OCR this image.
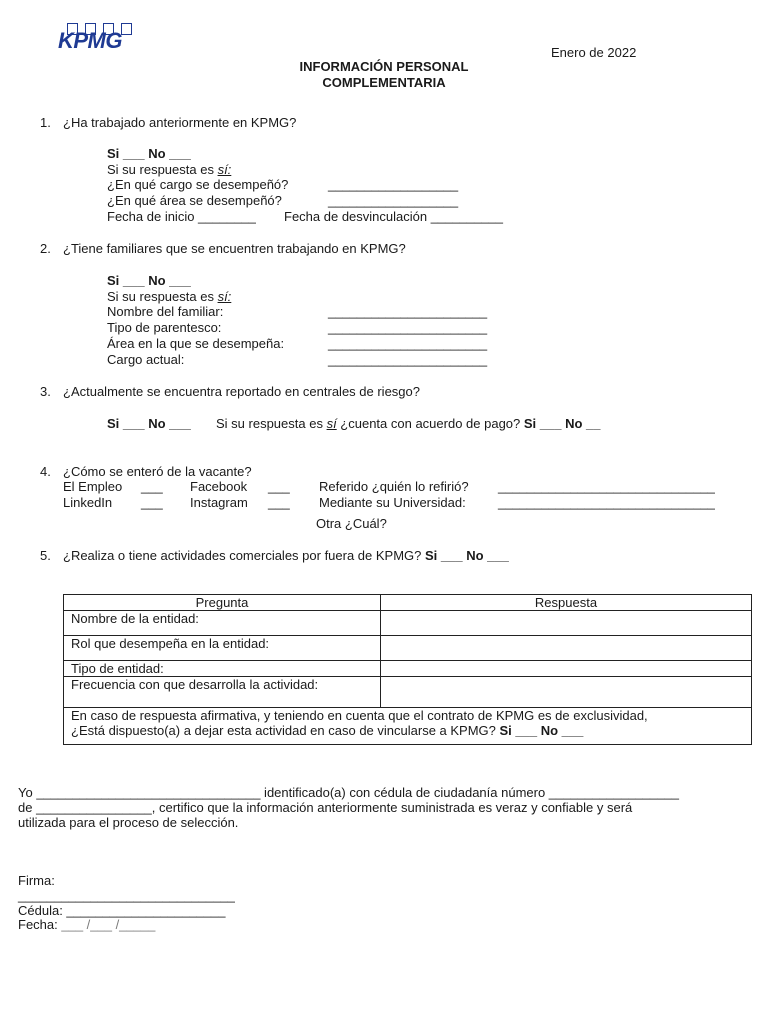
KPMG	Enero de 2022
INFORMACIÓN PERSONAL
COMPLEMENTARIA
1. ¿Ha trabajado anteriormente en KPMG?
Si ___ No ___
Si su respuesta es sí:
¿En qué cargo se desempeñó?	__________________
¿En qué área se desempeñó?	__________________
Fecha de inicio ________ Fecha de desvinculación __________
2. ¿Tiene familiares que se encuentren trabajando en KPMG?
Si ___ No ___
Si su respuesta es sí:
Nombre del familiar:	______________________
Tipo de parentesco:	______________________
Área en la que se desempeña:	______________________
Cargo actual:	______________________
3. ¿Actualmente se encuentra reportado en centrales de riesgo?
Si ___ No ___ Si su respuesta es sí ¿cuenta con acuerdo de pago? Si ___ No __
4. ¿Cómo se enteró de la vacante?
El Empleo ___ Facebook ___ Referido ¿quién lo refirió? ______________________________
LinkedIn ___ Instagram ___ Mediante su Universidad: ______________________________
Otra ¿Cuál?
5. ¿Realiza o tiene actividades comerciales por fuera de KPMG? Si ___ No ___
Pregunta	Respuesta
Nombre de la entidad:	
Rol que desempeña en la entidad:	
Tipo de entidad:	
Frecuencia con que desarrolla la actividad:	

En caso de respuesta afirmativa, y teniendo en cuenta que el contrato de KPMG es de exclusividad,
¿Está dispuesto(a) a dejar esta actividad en caso de vincularse a KPMG? Si ___ No ___	
Yo _______________________________ identificado(a) con cédula de ciudadanía número __________________
de ________________, certifico que la información anteriormente suministrada es veraz y confiable y será
utilizada para el proceso de selección.
Firma:
______________________________
Cédula: ______________________
Fecha: ___ /___ /_____
